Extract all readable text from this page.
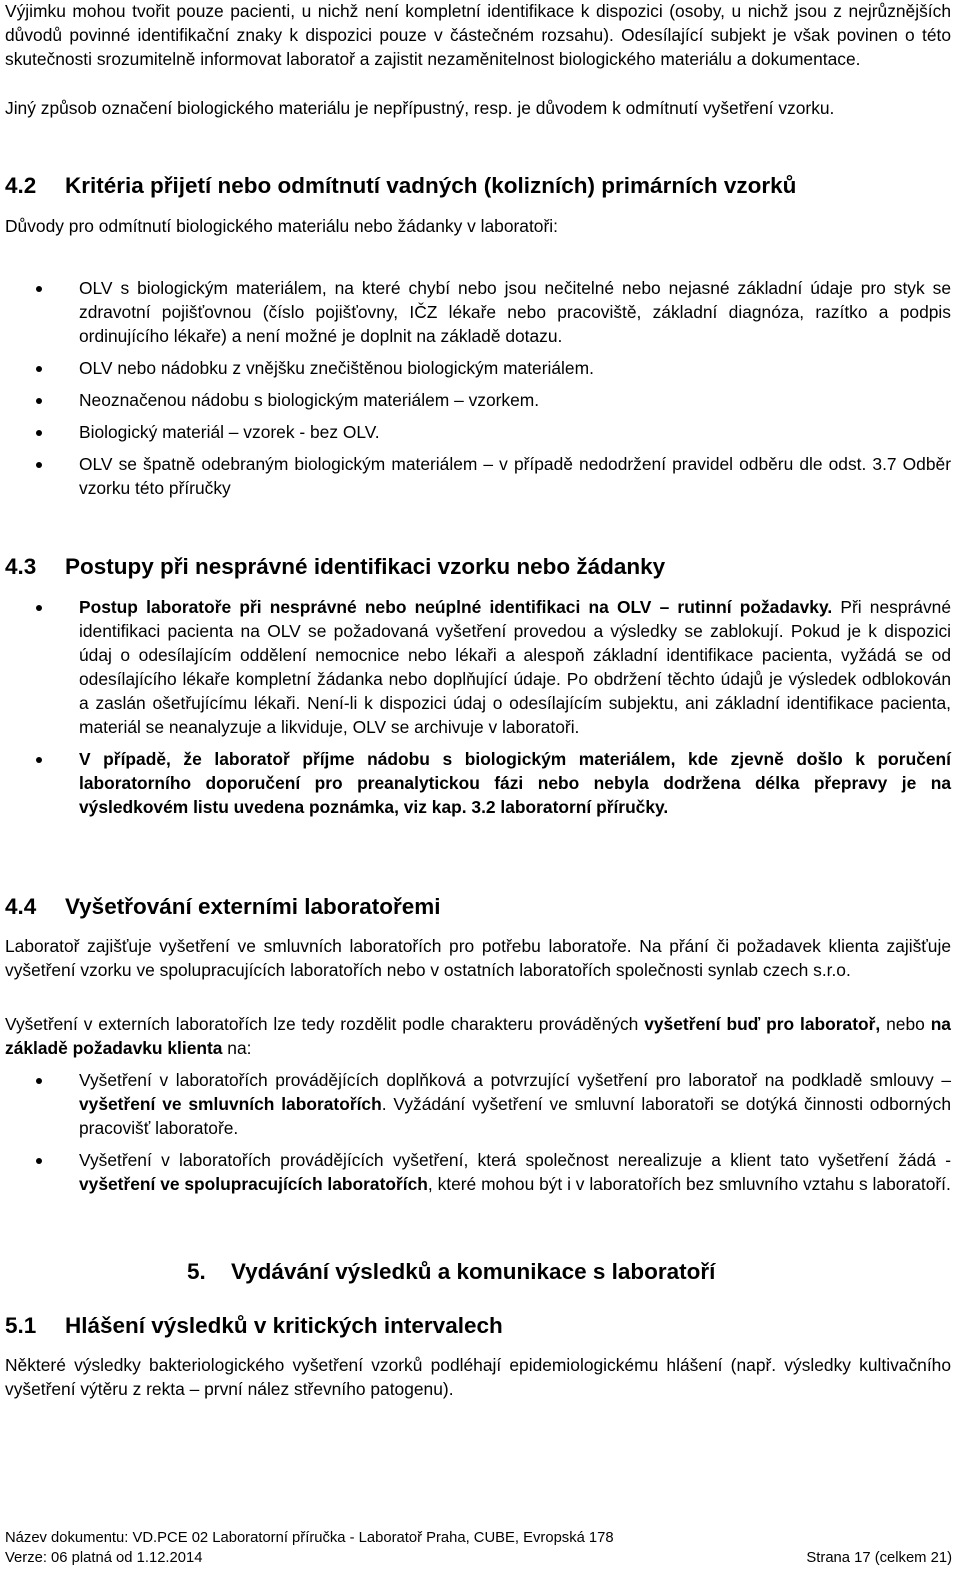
Výjimku mohou tvořit pouze pacienti, u nichž není kompletní identifikace k dispozici (osoby, u nichž jsou z nejrůznějších důvodů povinné identifikační znaky k dispozici pouze v částečném rozsahu). Odesílající subjekt je však povinen o této skutečnosti srozumitelně informovat laboratoř a zajistit nezaměnitelnost biologického materiálu a dokumentace.

Jiný způsob označení biologického materiálu je nepřípustný, resp. je důvodem k odmítnutí vyšetření vzorku.

4.2	Kritéria přijetí nebo odmítnutí vadných (kolizních) primárních vzorků

Důvody pro odmítnutí biologického materiálu nebo žádanky v laboratoři:

OLV s biologickým materiálem, na které chybí nebo jsou nečitelné nebo nejasné základní údaje pro styk se zdravotní pojišťovnou (číslo pojišťovny, IČZ lékaře nebo pracoviště, základní diagnóza, razítko a podpis ordinujícího lékaře) a není možné je doplnit na základě dotazu.
OLV nebo nádobku z vnějšku znečištěnou biologickým materiálem.
Neoznačenou nádobu s biologickým materiálem – vzorkem.
Biologický materiál – vzorek - bez OLV.
OLV se špatně odebraným biologickým materiálem – v případě nedodržení pravidel odběru dle odst. 3.7 Odběr vzorku této příručky
4.3	Postupy při nesprávné identifikaci vzorku nebo žádanky
Postup laboratoře při nesprávné nebo neúplné identifikaci na OLV – rutinní požadavky. Při nesprávné identifikaci pacienta na OLV se požadovaná vyšetření provedou a výsledky se zablokují. Pokud je k dispozici údaj o odesílajícím oddělení nemocnice nebo lékaři a alespoň základní identifikace pacienta, vyžádá se od odesílajícího lékaře kompletní žádanka nebo doplňující údaje. Po obdržení těchto údajů je výsledek odblokován a zaslán ošetřujícímu lékaři. Není-li k dispozici údaj o odesílajícím subjektu, ani základní identifikace pacienta, materiál se neanalyzuje a likviduje, OLV se archivuje v laboratoři.
V případě, že laboratoř příjme nádobu s biologickým materiálem, kde zjevně došlo k poručení laboratorního doporučení pro preanalytickou fázi nebo nebyla dodržena délka přepravy je na výsledkovém listu uvedena poznámka, viz kap. 3.2 laboratorní příručky.
4.4	Vyšetřování externími laboratořemi

Laboratoř zajišťuje vyšetření ve smluvních laboratořích pro potřebu laboratoře. Na přání či požadavek klienta zajišťuje vyšetření vzorku ve spolupracujících laboratořích nebo v ostatních laboratořích společnosti synlab czech s.r.o.

Vyšetření v externích laboratořích lze tedy rozdělit podle charakteru prováděných vyšetření buď pro laboratoř, nebo na základě požadavku klienta na:

Vyšetření v laboratořích provádějících doplňková a potvrzující vyšetření pro laboratoř na podkladě smlouvy – vyšetření ve smluvních laboratořích. Vyžádání vyšetření ve smluvní laboratoři se dotýká činnosti odborných pracovišť laboratoře.
Vyšetření v laboratořích provádějících vyšetření, která společnost nerealizuje a klient tato vyšetření žádá - vyšetření ve spolupracujících laboratořích, které mohou být i v laboratořích bez smluvního vztahu s laboratoří.
5.	Vydávání výsledků a komunikace s laboratoří
5.1	Hlášení výsledků v kritických intervalech

Některé výsledky bakteriologického vyšetření vzorků podléhají epidemiologickému hlášení (např. výsledky kultivačního vyšetření výtěru z rekta – první nález střevního patogenu).

Název dokumentu: VD.PCE 02 Laboratorní příručka - Laboratoř Praha, CUBE, Evropská 178
Verze: 06 platná od 1.12.2014	Strana 17 (celkem 21)
